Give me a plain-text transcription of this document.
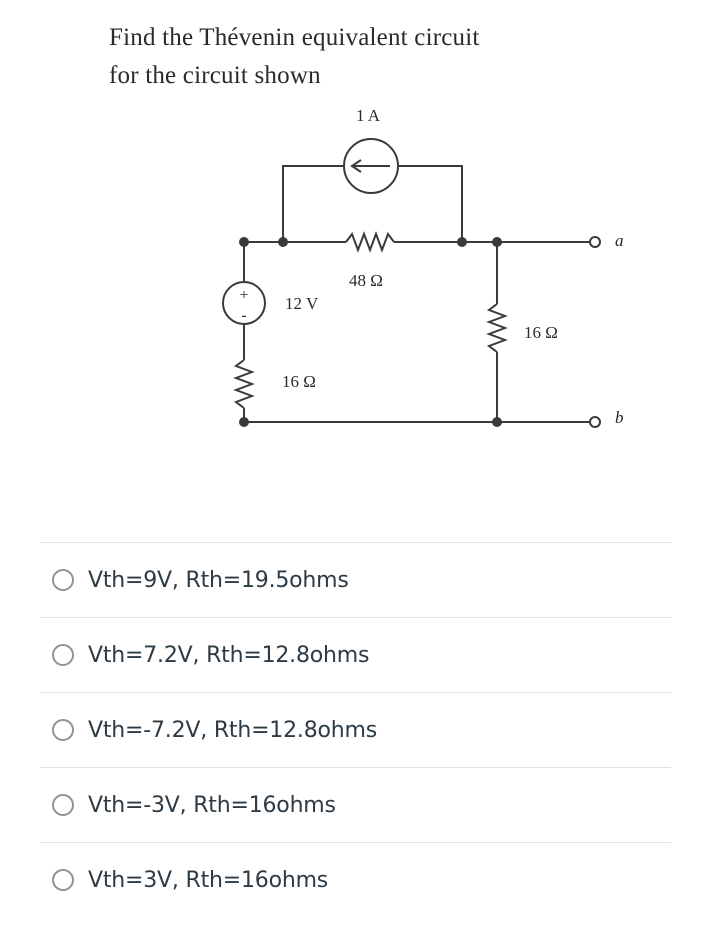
Find the Thévenin equivalent circuit
for the circuit shown
+
-
1 A
48 Ω
12 V
16 Ω
16 Ω
a
b
Vth=9V, Rth=19.5ohms
Vth=7.2V, Rth=12.8ohms
Vth=-7.2V, Rth=12.8ohms
Vth=-3V, Rth=16ohms
Vth=3V, Rth=16ohms
